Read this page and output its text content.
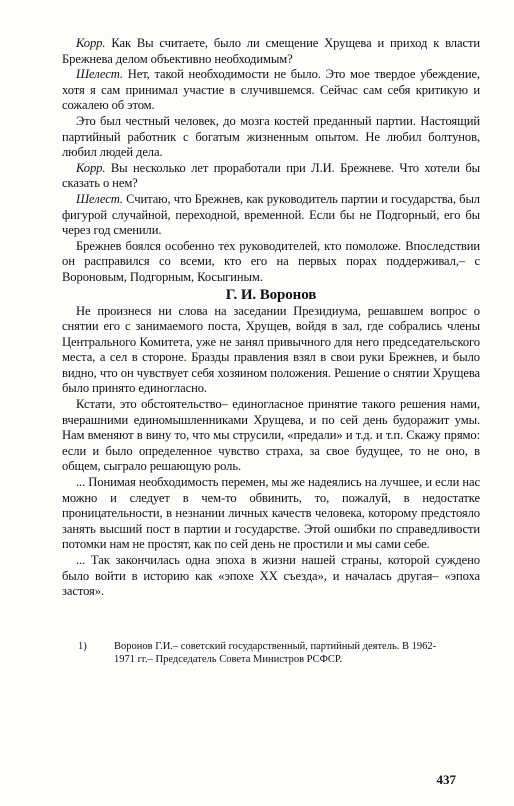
Корр. Как Вы считаете, было ли смещение Хрущева и приход к власти Брежнева делом объективно необходимым?

Шелест. Нет, такой необходимости не было. Это мое твердое убеждение, хотя я сам принимал участие в случившемся. Сейчас сам себя критикую и сожалею об этом.

Это был честный человек, до мозга костей преданный партии. Настоящий партийный работник с богатым жизненным опытом. Не любил болтунов, любил людей дела.

Корр. Вы несколько лет проработали при Л.И. Брежневе. Что хотели бы сказать о нем?

Шелест. Считаю, что Брежнев, как руководитель партии и государства, был фигурой случайной, переходной, временной. Если бы не Подгорный, его бы через год сменили.

Брежнев боялся особенно тех руководителей, кто помоложе. Впоследствии он расправился со всеми, кто его на первых порах поддерживал,– с Вороновым, Подгорным, Косыгиным.

Г. И. Воронов

Не произнеся ни слова на заседании Президиума, решавшем вопрос о снятии его с занимаемого поста, Хрущев, войдя в зал, где собрались члены Центрального Комитета, уже не занял привычного для него председательского места, а сел в стороне. Бразды правления взял в свои руки Брежнев, и было видно, что он чувствует себя хозяином положения. Решение о снятии Хрущева было принято единогласно.

Кстати, это обстоятельство– единогласное принятие такого решения нами, вчерашними единомышленниками Хрущева, и по сей день будоражит умы. Нам вменяют в вину то, что мы струсили, «предали» и т.д. и т.п. Скажу прямо: если и было определенное чувство страха, за свое будущее, то не оно, в общем, сыграло решающую роль.

... Понимая необходимость перемен, мы же надеялись на лучшее, и если нас можно и следует в чем-то обвинить, то, пожалуй, в недостатке проницательности, в незнании личных качеств человека, которому предстояло занять высший пост в партии и государстве. Этой ошибки по справедливости потомки нам не простят, как по сей день не простили и мы сами себе.

... Так закончилась одна эпоха в жизни нашей страны, которой суждено было войти в историю как «эпохе XX съезда», и началась другая– «эпоха застоя».

1)	Воронов Г.И.– советский государственный, партийный деятель. В 1962-1971 гг.– Председатель Совета Министров РСФСР.
437
